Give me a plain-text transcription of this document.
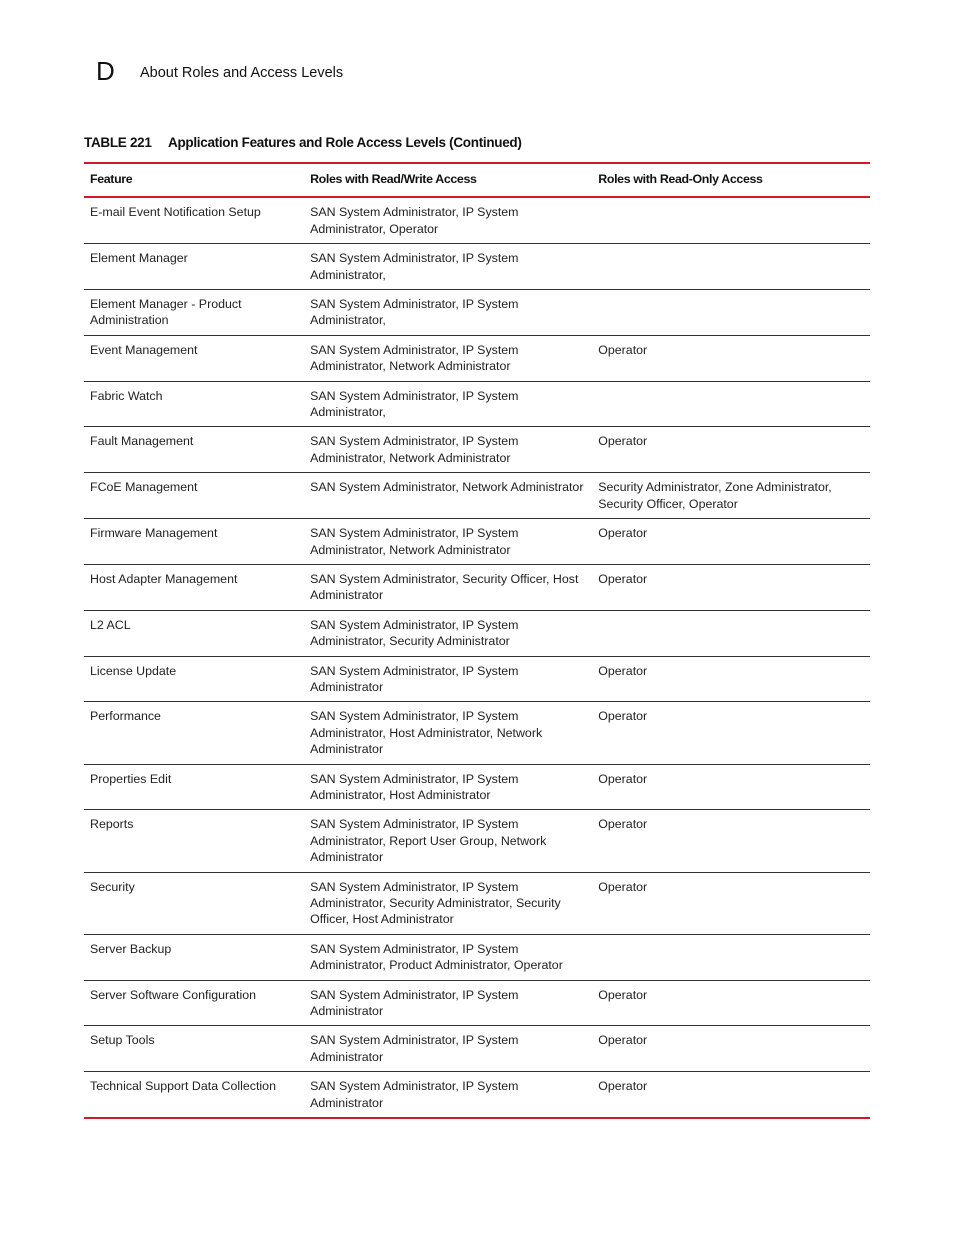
D About Roles and Access Levels
TABLE 221 Application Features and Role Access Levels (Continued)
Feature	Roles with Read/Write Access	Roles with Read-Only Access
E-mail Event Notification Setup	SAN System Administrator, IP System Administrator, Operator	
Element Manager	SAN System Administrator, IP System Administrator,	
Element Manager - Product Administration	SAN System Administrator, IP System Administrator,	
Event Management	SAN System Administrator, IP System Administrator, Network Administrator	Operator
Fabric Watch	SAN System Administrator, IP System Administrator,	
Fault Management	SAN System Administrator, IP System Administrator, Network Administrator	Operator
FCoE Management	SAN System Administrator, Network Administrator	Security Administrator, Zone Administrator, Security Officer, Operator
Firmware Management	SAN System Administrator, IP System Administrator, Network Administrator	Operator
Host Adapter Management	SAN System Administrator, Security Officer, Host Administrator	Operator
L2 ACL	SAN System Administrator, IP System Administrator, Security Administrator	
License Update	SAN System Administrator, IP System Administrator	Operator
Performance	SAN System Administrator, IP System Administrator, Host Administrator, Network Administrator	Operator
Properties Edit	SAN System Administrator, IP System Administrator, Host Administrator	Operator
Reports	SAN System Administrator, IP System Administrator, Report User Group, Network Administrator	Operator
Security	SAN System Administrator, IP System Administrator, Security Administrator, Security Officer, Host Administrator	Operator
Server Backup	SAN System Administrator, IP System Administrator, Product Administrator, Operator	
Server Software Configuration	SAN System Administrator, IP System Administrator	Operator
Setup Tools	SAN System Administrator, IP System Administrator	Operator
Technical Support Data Collection	SAN System Administrator, IP System Administrator	Operator
